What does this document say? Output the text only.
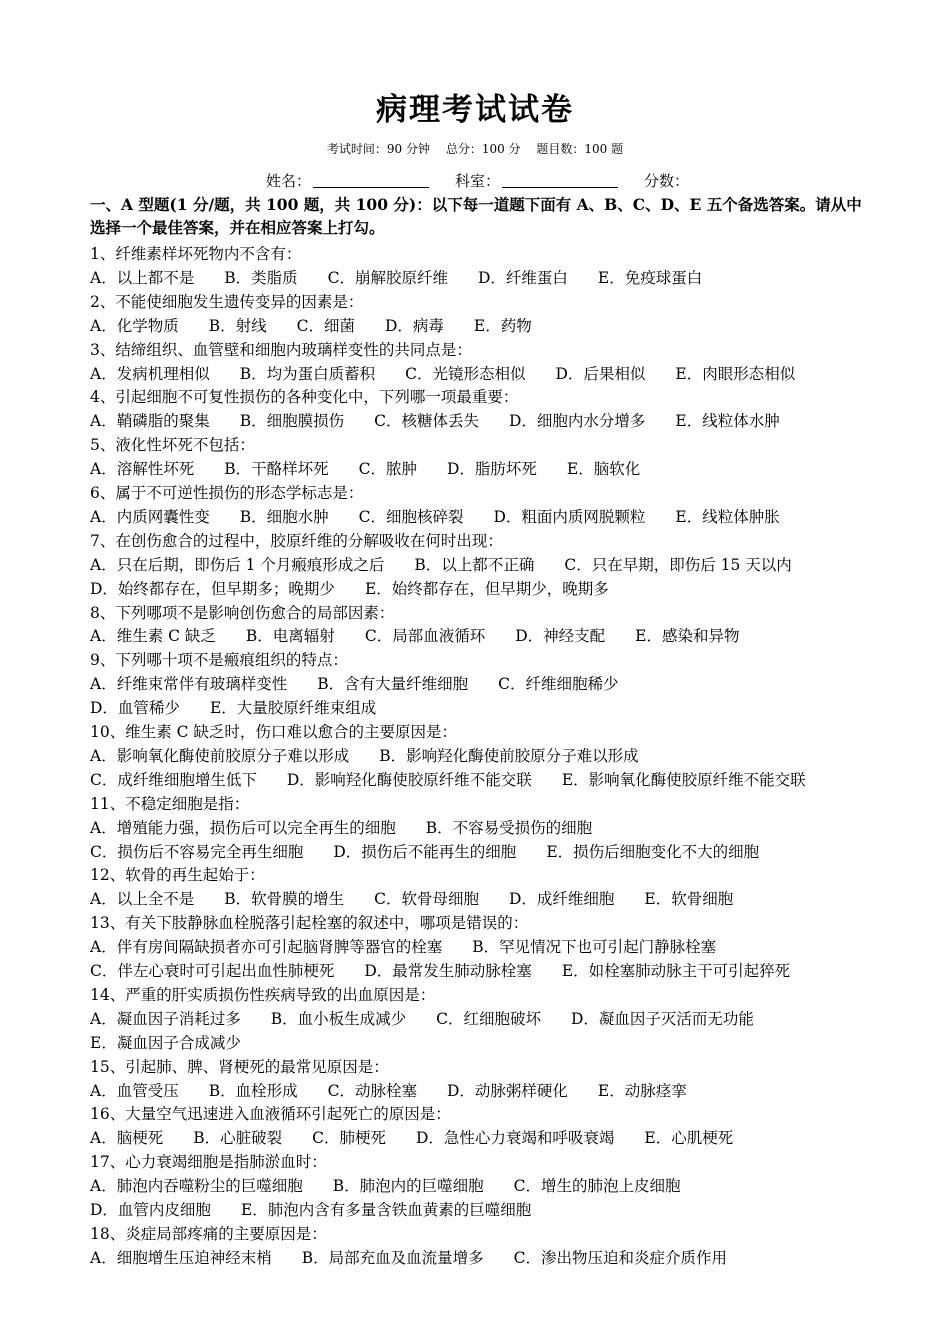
病理考试试卷
考试时间：90 分钟 总分：100 分 题目数：100 题
姓名：	科室：	分数：
一、A 型题(1 分/题，共 100 题，共 100 分)：以下每一道题下面有 A、B、C、D、E 五个备选答案。请从中选择一个最佳答案，并在相应答案上打勾。
1、纤维素样坏死物内不含有：
A．以上都不是 B．类脂质 C．崩解胶原纤维 D．纤维蛋白 E．免疫球蛋白
2、不能使细胞发生遗传变异的因素是：
A．化学物质 B．射线 C．细菌 D．病毒 E．药物
3、结缔组织、血管壁和细胞内玻璃样变性的共同点是：
A．发病机理相似 B．均为蛋白质蓄积 C．光镜形态相似 D．后果相似 E．肉眼形态相似
4、引起细胞不可复性损伤的各种变化中，下列哪一项最重要：
A．鞘磷脂的聚集 B．细胞膜损伤 C．核糖体丢失 D．细胞内水分增多 E．线粒体水肿
5、液化性坏死不包括：
A．溶解性坏死 B．干酪样坏死 C．脓肿 D．脂肪坏死 E．脑软化
6、属于不可逆性损伤的形态学标志是：
A．内质网囊性变 B．细胞水肿 C．细胞核碎裂 D．粗面内质网脱颗粒 E．线粒体肿胀
7、在创伤愈合的过程中，胶原纤维的分解吸收在何时出现：
A．只在后期，即伤后 1 个月瘢痕形成之后 B．以上都不正确 C．只在早期，即伤后 15 天以内
D．始终都存在，但早期多；晚期少 E．始终都存在，但早期少，晚期多
8、下列哪项不是影响创伤愈合的局部因素：
A．维生素 C 缺乏 B．电离辐射 C．局部血液循环 D．神经支配 E．感染和异物
9、下列哪十项不是瘢痕组织的特点：
A．纤维束常伴有玻璃样变性 B．含有大量纤维细胞 C．纤维细胞稀少
D．血管稀少 E．大量胶原纤维束组成
10、维生素 C 缺乏时，伤口难以愈合的主要原因是：
A．影响氧化酶使前胶原分子难以形成 B．影响羟化酶使前胶原分子难以形成
C．成纤维细胞增生低下 D．影响羟化酶使胶原纤维不能交联 E．影响氧化酶使胶原纤维不能交联
11、不稳定细胞是指：
A．增殖能力强，损伤后可以完全再生的细胞 B．不容易受损伤的细胞
C．损伤后不容易完全再生细胞 D．损伤后不能再生的细胞 E．损伤后细胞变化不大的细胞
12、软骨的再生起始于：
A．以上全不是 B．软骨膜的增生 C．软骨母细胞 D．成纤维细胞 E．软骨细胞
13、有关下肢静脉血栓脱落引起栓塞的叙述中，哪项是错误的：
A．伴有房间隔缺损者亦可引起脑肾脾等器官的栓塞 B．罕见情况下也可引起门静脉栓塞
C．伴左心衰时可引起出血性肺梗死 D．最常发生肺动脉栓塞 E．如栓塞肺动脉主干可引起猝死
14、严重的肝实质损伤性疾病导致的出血原因是：
A．凝血因子消耗过多 B．血小板生成减少 C．红细胞破坏 D．凝血因子灭活而无功能
E．凝血因子合成减少
15、引起肺、脾、肾梗死的最常见原因是：
A．血管受压 B．血栓形成 C．动脉栓塞 D．动脉粥样硬化 E．动脉痉挛
16、大量空气迅速进入血液循环引起死亡的原因是：
A．脑梗死 B．心脏破裂 C．肺梗死 D．急性心力衰竭和呼吸衰竭 E．心肌梗死
17、心力衰竭细胞是指肺淤血时：
A．肺泡内吞噬粉尘的巨噬细胞 B．肺泡内的巨噬细胞 C．增生的肺泡上皮细胞
D．血管内皮细胞 E．肺泡内含有多量含铁血黄素的巨噬细胞
18、炎症局部疼痛的主要原因是：
A．细胞增生压迫神经末梢 B．局部充血及血流量增多 C．渗出物压迫和炎症介质作用
